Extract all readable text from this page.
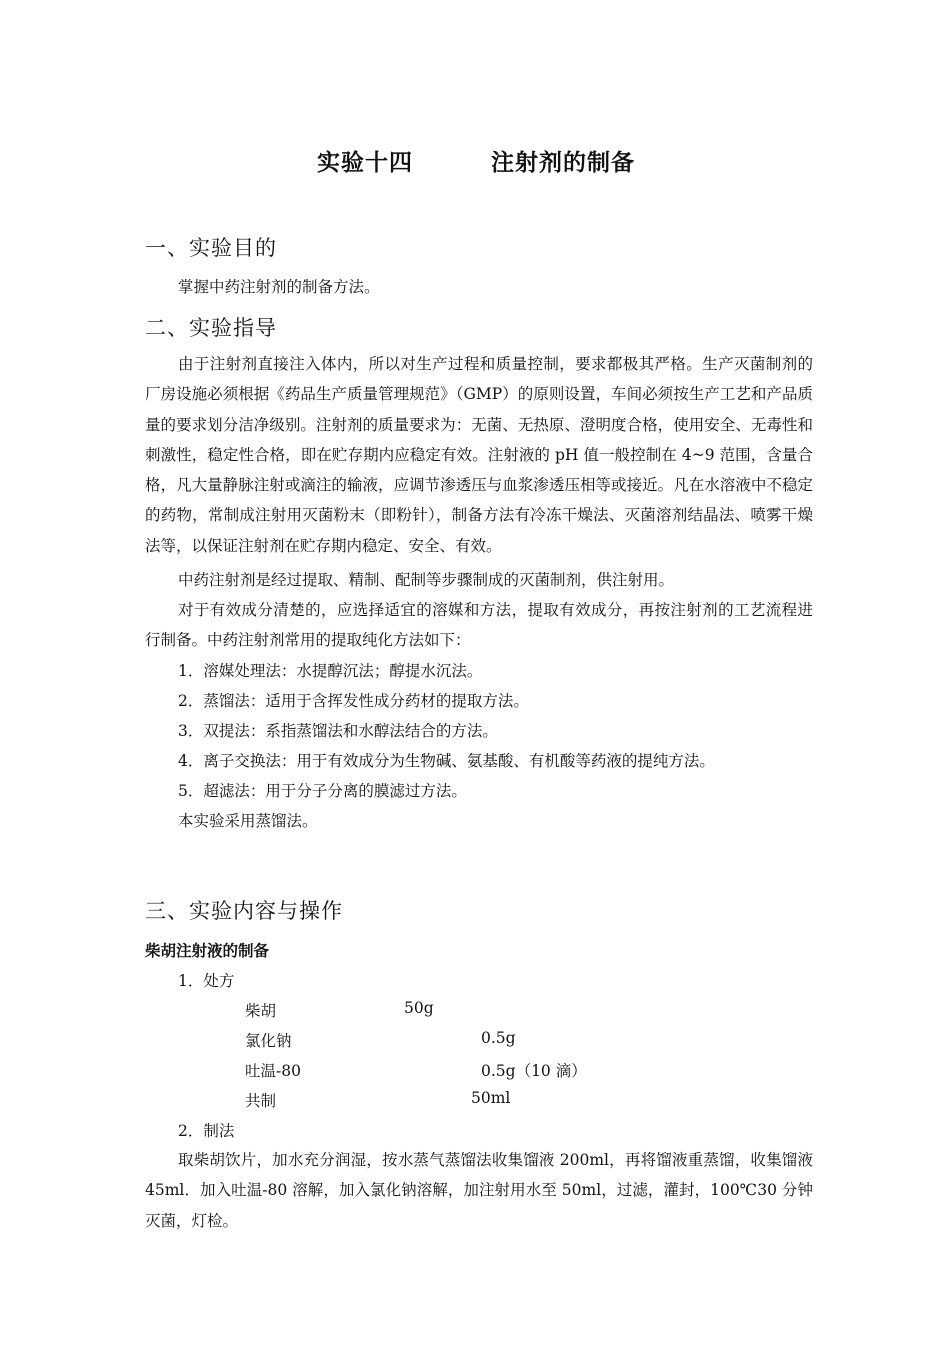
实验十四	注射剂的制备
一、实验目的
掌握中药注射剂的制备方法。
二、实验指导

由于注射剂直接注入体内，所以对生产过程和质量控制，要求都极其严格。生产灭菌制剂的厂房设施必须根据《药品生产质量管理规范》（GMP）的原则设置，车间必须按生产工艺和产品质量的要求划分洁净级别。注射剂的质量要求为：无菌、无热原、澄明度合格，使用安全、无毒性和刺激性，稳定性合格，即在贮存期内应稳定有效。注射液的 pH 值一般控制在 4~9 范围，含量合格，凡大量静脉注射或滴注的输液，应调节渗透压与血浆渗透压相等或接近。凡在水溶液中不稳定的药物，常制成注射用灭菌粉末（即粉针），制备方法有冷冻干燥法、灭菌溶剂结晶法、喷雾干燥法等，以保证注射剂在贮存期内稳定、安全、有效。

中药注射剂是经过提取、精制、配制等步骤制成的灭菌制剂，供注射用。

对于有效成分清楚的，应选择适宜的溶媒和方法，提取有效成分，再按注射剂的工艺流程进行制备。中药注射剂常用的提取纯化方法如下：

1．溶媒处理法：水提醇沉法；醇提水沉法。
2．蒸馏法：适用于含挥发性成分药材的提取方法。
3．双提法：系指蒸馏法和水醇法结合的方法。
4．离子交换法：用于有效成分为生物碱、氨基酸、有机酸等药液的提纯方法。
5．超滤法：用于分子分离的膜滤过方法。
本实验采用蒸馏法。
三、实验内容与操作
柴胡注射液的制备
1．处方
柴胡	50g
氯化钠	0.5g
吐温-80	0.5g（10 滴）
共制	50ml
2．制法

取柴胡饮片，加水充分润湿，按水蒸气蒸馏法收集馏液 200ml，再将馏液重蒸馏，收集馏液 45ml．加入吐温-80 溶解，加入氯化钠溶解，加注射用水至 50ml，过滤，灌封，100℃30 分钟灭菌，灯检。
